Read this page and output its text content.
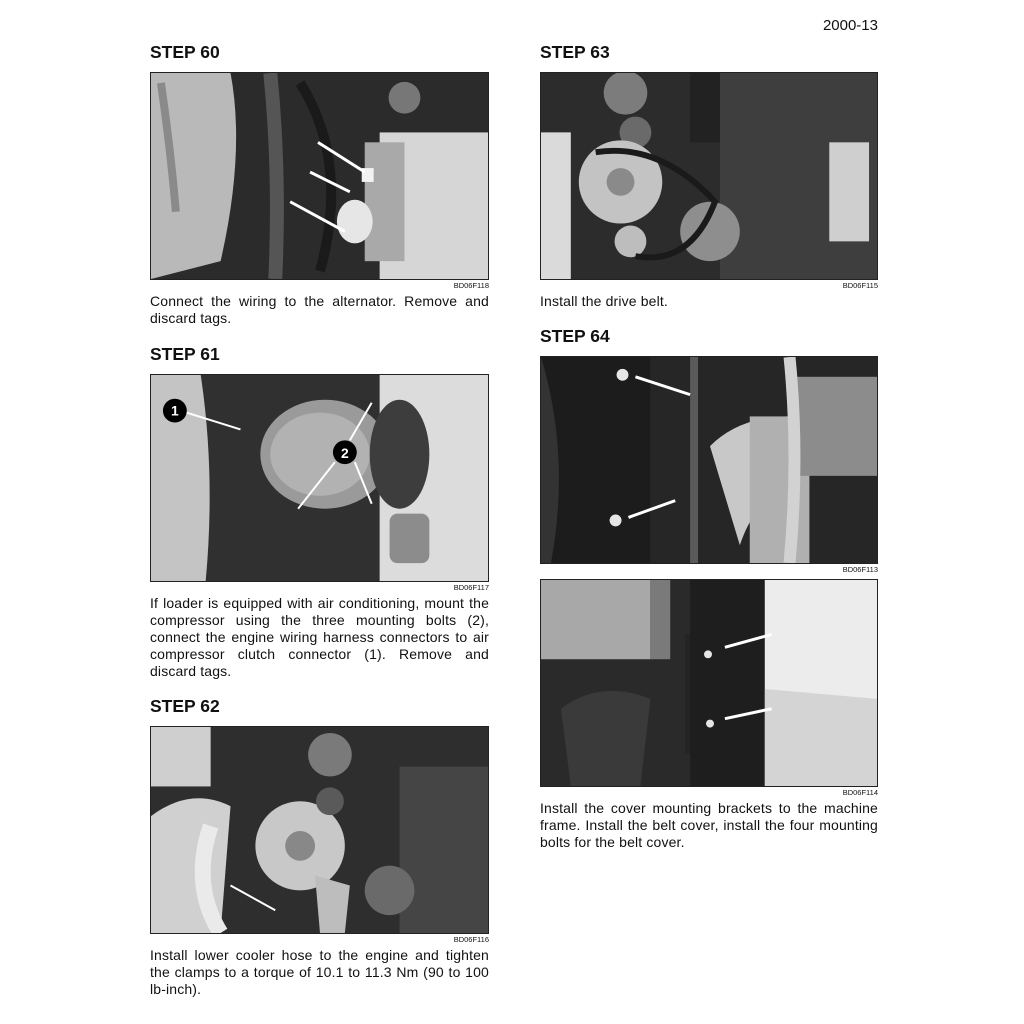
2000-13
STEP 60
BD06F118

Connect the wiring to the alternator. Remove and discard tags.

STEP 61
1
2
BD06F117

If loader is equipped with air conditioning, mount the compressor using the three mounting bolts (2), connect the engine wiring harness connectors to air compressor clutch connector (1). Remove and discard tags.

STEP 62
BD06F116

Install lower cooler hose to the engine and tighten the clamps to a torque of 10.1 to 11.3 Nm (90 to 100 lb-inch).

STEP 63
BD06F115

Install the drive belt.

STEP 64
BD06F113
BD06F114

Install the cover mounting brackets to the machine frame. Install the belt cover, install the four mounting bolts for the belt cover.
